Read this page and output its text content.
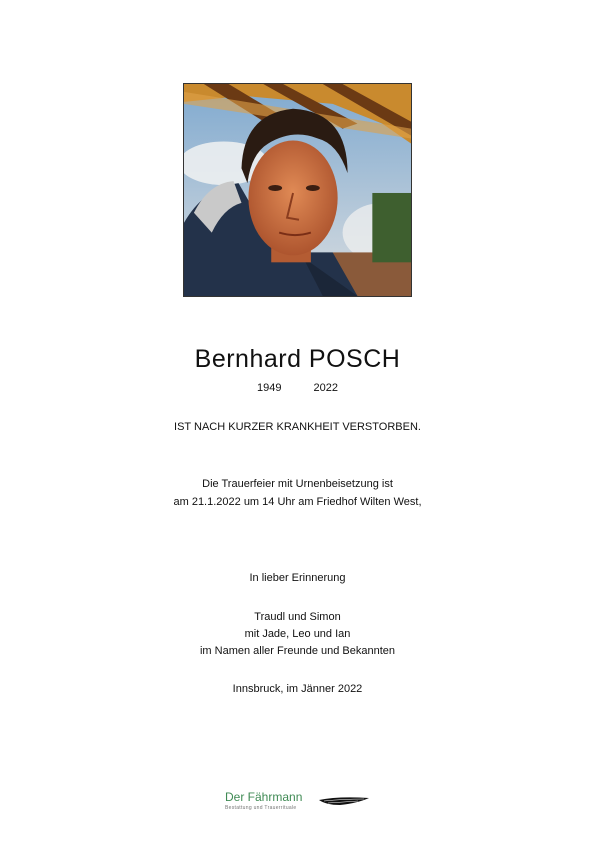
Bernhard POSCH
1949	2022
IST NACH KURZER KRANKHEIT VERSTORBEN.
Die Trauerfeier mit Urnenbeisetzung ist
am 21.1.2022 um 14 Uhr am Friedhof Wilten West,
In lieber Erinnerung
Traudl und Simon
mit Jade, Leo und Ian
im Namen aller Freunde und Bekannten
Innsbruck, im Jänner 2022
Der Fährmann
Bestattung und Trauerrituale
